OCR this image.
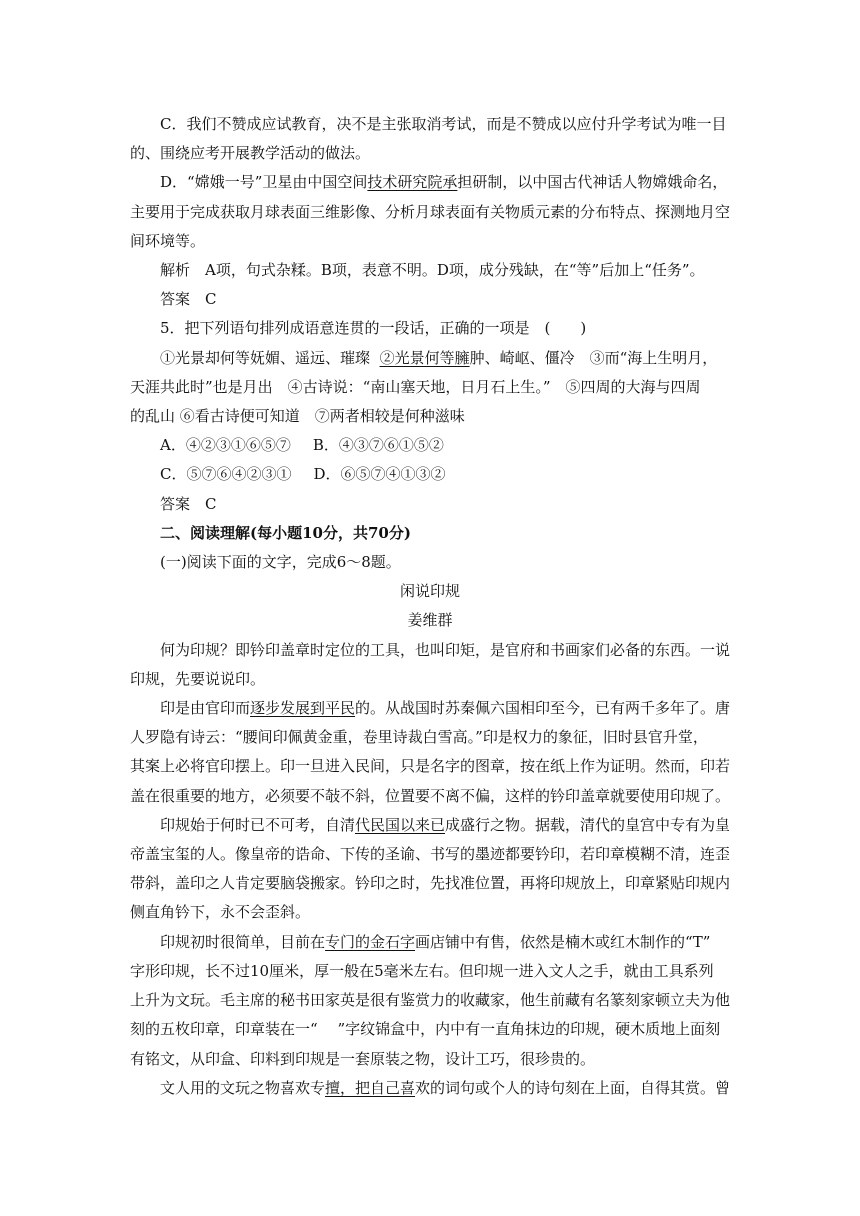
C．我们不赞成应试教育，决不是主张取消考试，而是不赞成以应付升学考试为唯一目
的、围绕应考开展教学活动的做法。
D．“嫦娥一号”卫星由中国空间技术研究院承担研制，以中国古代神话人物嫦娥命名，
主要用于完成获取月球表面三维影像、分析月球表面有关物质元素的分布特点、探测地月空
间环境等。
解析　A项，句式杂糅。B项，表意不明。D项，成分残缺，在“等”后加上“任务”。
答案　C
5．把下列语句排列成语意连贯的一段话，正确的一项是　(　　)
①光景却何等妩媚、遥远、璀璨 ②光景何等臃肿、崎岖、僵冷　③而“海上生明月，
天涯共此时”也是月出　④古诗说：“南山塞天地，日月石上生。”　⑤四周的大海与四周
的乱山 ⑥看古诗便可知道　⑦两者相较是何种滋味
A．④②③①⑥⑤⑦ B．④③⑦⑥①⑤②
C．⑤⑦⑥④②③① D．⑥⑤⑦④①③②
答案　C
二、阅读理解(每小题10分，共70分)
(一)阅读下面的文字，完成6～8题。
闲说印规
姜维群
何为印规？即钤印盖章时定位的工具，也叫印矩，是官府和书画家们必备的东西。一说
印规，先要说说印。
印是由官印而逐步发展到平民的。从战国时苏秦佩六国相印至今，已有两千多年了。唐
人罗隐有诗云：“腰间印佩黄金重，卷里诗裁白雪高。”印是权力的象征，旧时县官升堂，
其案上必将官印摆上。印一旦进入民间，只是名字的图章，按在纸上作为证明。然而，印若
盖在很重要的地方，必须要不敧不斜，位置要不离不偏，这样的钤印盖章就要使用印规了。
印规始于何时已不可考，自清代民国以来已成盛行之物。据载，清代的皇宫中专有为皇
帝盖宝玺的人。像皇帝的诰命、下传的圣谕、书写的墨迹都要钤印，若印章模糊不清，连歪
带斜，盖印之人肯定要脑袋搬家。钤印之时，先找准位置，再将印规放上，印章紧贴印规内
侧直角钤下，永不会歪斜。
印规初时很简单，目前在专门的金石字画店铺中有售，依然是楠木或红木制作的“T”
字形印规，长不过10厘米，厚一般在5毫米左右。但印规一进入文人之手，就由工具系列
上升为文玩。毛主席的秘书田家英是很有鉴赏力的收藏家，他生前藏有名篆刻家顿立夫为他
刻的五枚印章，印章装在一“　 ”字纹锦盒中，内中有一直角抹边的印规，硬木质地上面刻
有铭文，从印盒、印料到印规是一套原装之物，设计工巧，很珍贵的。
文人用的文玩之物喜欢专擅，把自己喜欢的词句或个人的诗句刻在上面，自得其赏。曾
